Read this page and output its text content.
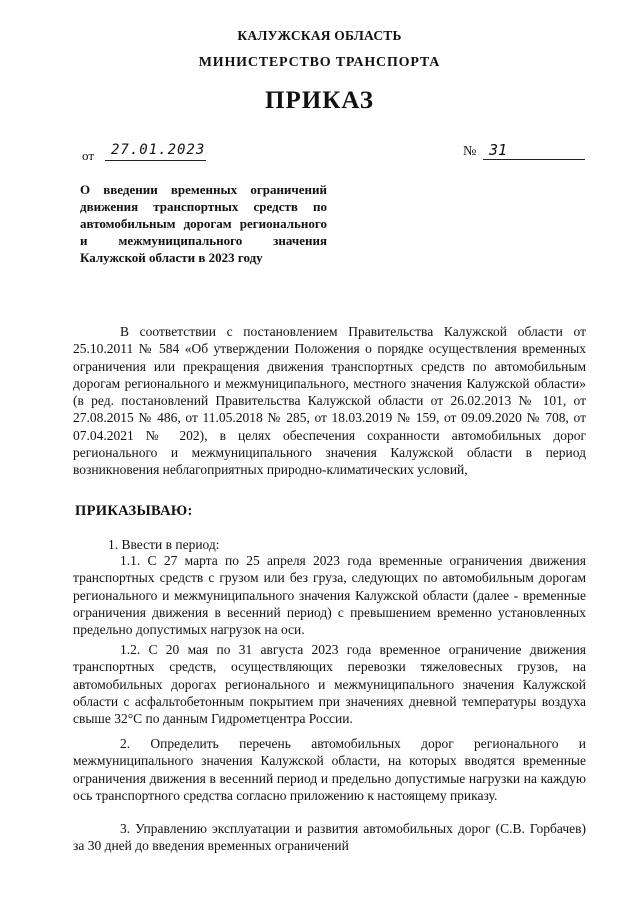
КАЛУЖСКАЯ ОБЛАСТЬ
МИНИСТЕРСТВО ТРАНСПОРТА
ПРИКАЗ
от	27.01.2023	№ 31
О введении временных ограничений движения транспортных средств по автомобильным дорогам регионального и межмуниципального значения Калужской области в 2023 году
В соответствии с постановлением Правительства Калужской области от 25.10.2011 № 584 «Об утверждении Положения о порядке осуществления временных ограничения или прекращения движения транспортных средств по автомобильным дорогам регионального и межмуниципального, местного значения Калужской области» (в ред. постановлений Правительства Калужской области от 26.02.2013 № 101, от 27.08.2015 № 486, от 11.05.2018 № 285, от 18.03.2019 № 159, от 09.09.2020 № 708, от 07.04.2021 № 202), в целях обеспечения сохранности автомобильных дорог регионального и межмуниципального значения Калужской области в период возникновения неблагоприятных природно-климатических условий,
ПРИКАЗЫВАЮ:
1. Ввести в период:
1.1. С 27 марта по 25 апреля 2023 года временные ограничения движения транспортных средств с грузом или без груза, следующих по автомобильным дорогам регионального и межмуниципального значения Калужской области (далее - временные ограничения движения в весенний период) с превышением временно установленных предельно допустимых нагрузок на оси.
1.2. С 20 мая по 31 августа 2023 года временное ограничение движения транспортных средств, осуществляющих перевозки тяжеловесных грузов, на автомобильных дорогах регионального и межмуниципального значения Калужской области с асфальтобетонным покрытием при значениях дневной температуры воздуха свыше 32°С по данным Гидрометцентра России.
2. Определить перечень автомобильных дорог регионального и межмуниципального значения Калужской области, на которых вводятся временные ограничения движения в весенний период и предельно допустимые нагрузки на каждую ось транспортного средства согласно приложению к настоящему приказу.
3. Управлению эксплуатации и развития автомобильных дорог (С.В. Горбачев) за 30 дней до введения временных ограничений
